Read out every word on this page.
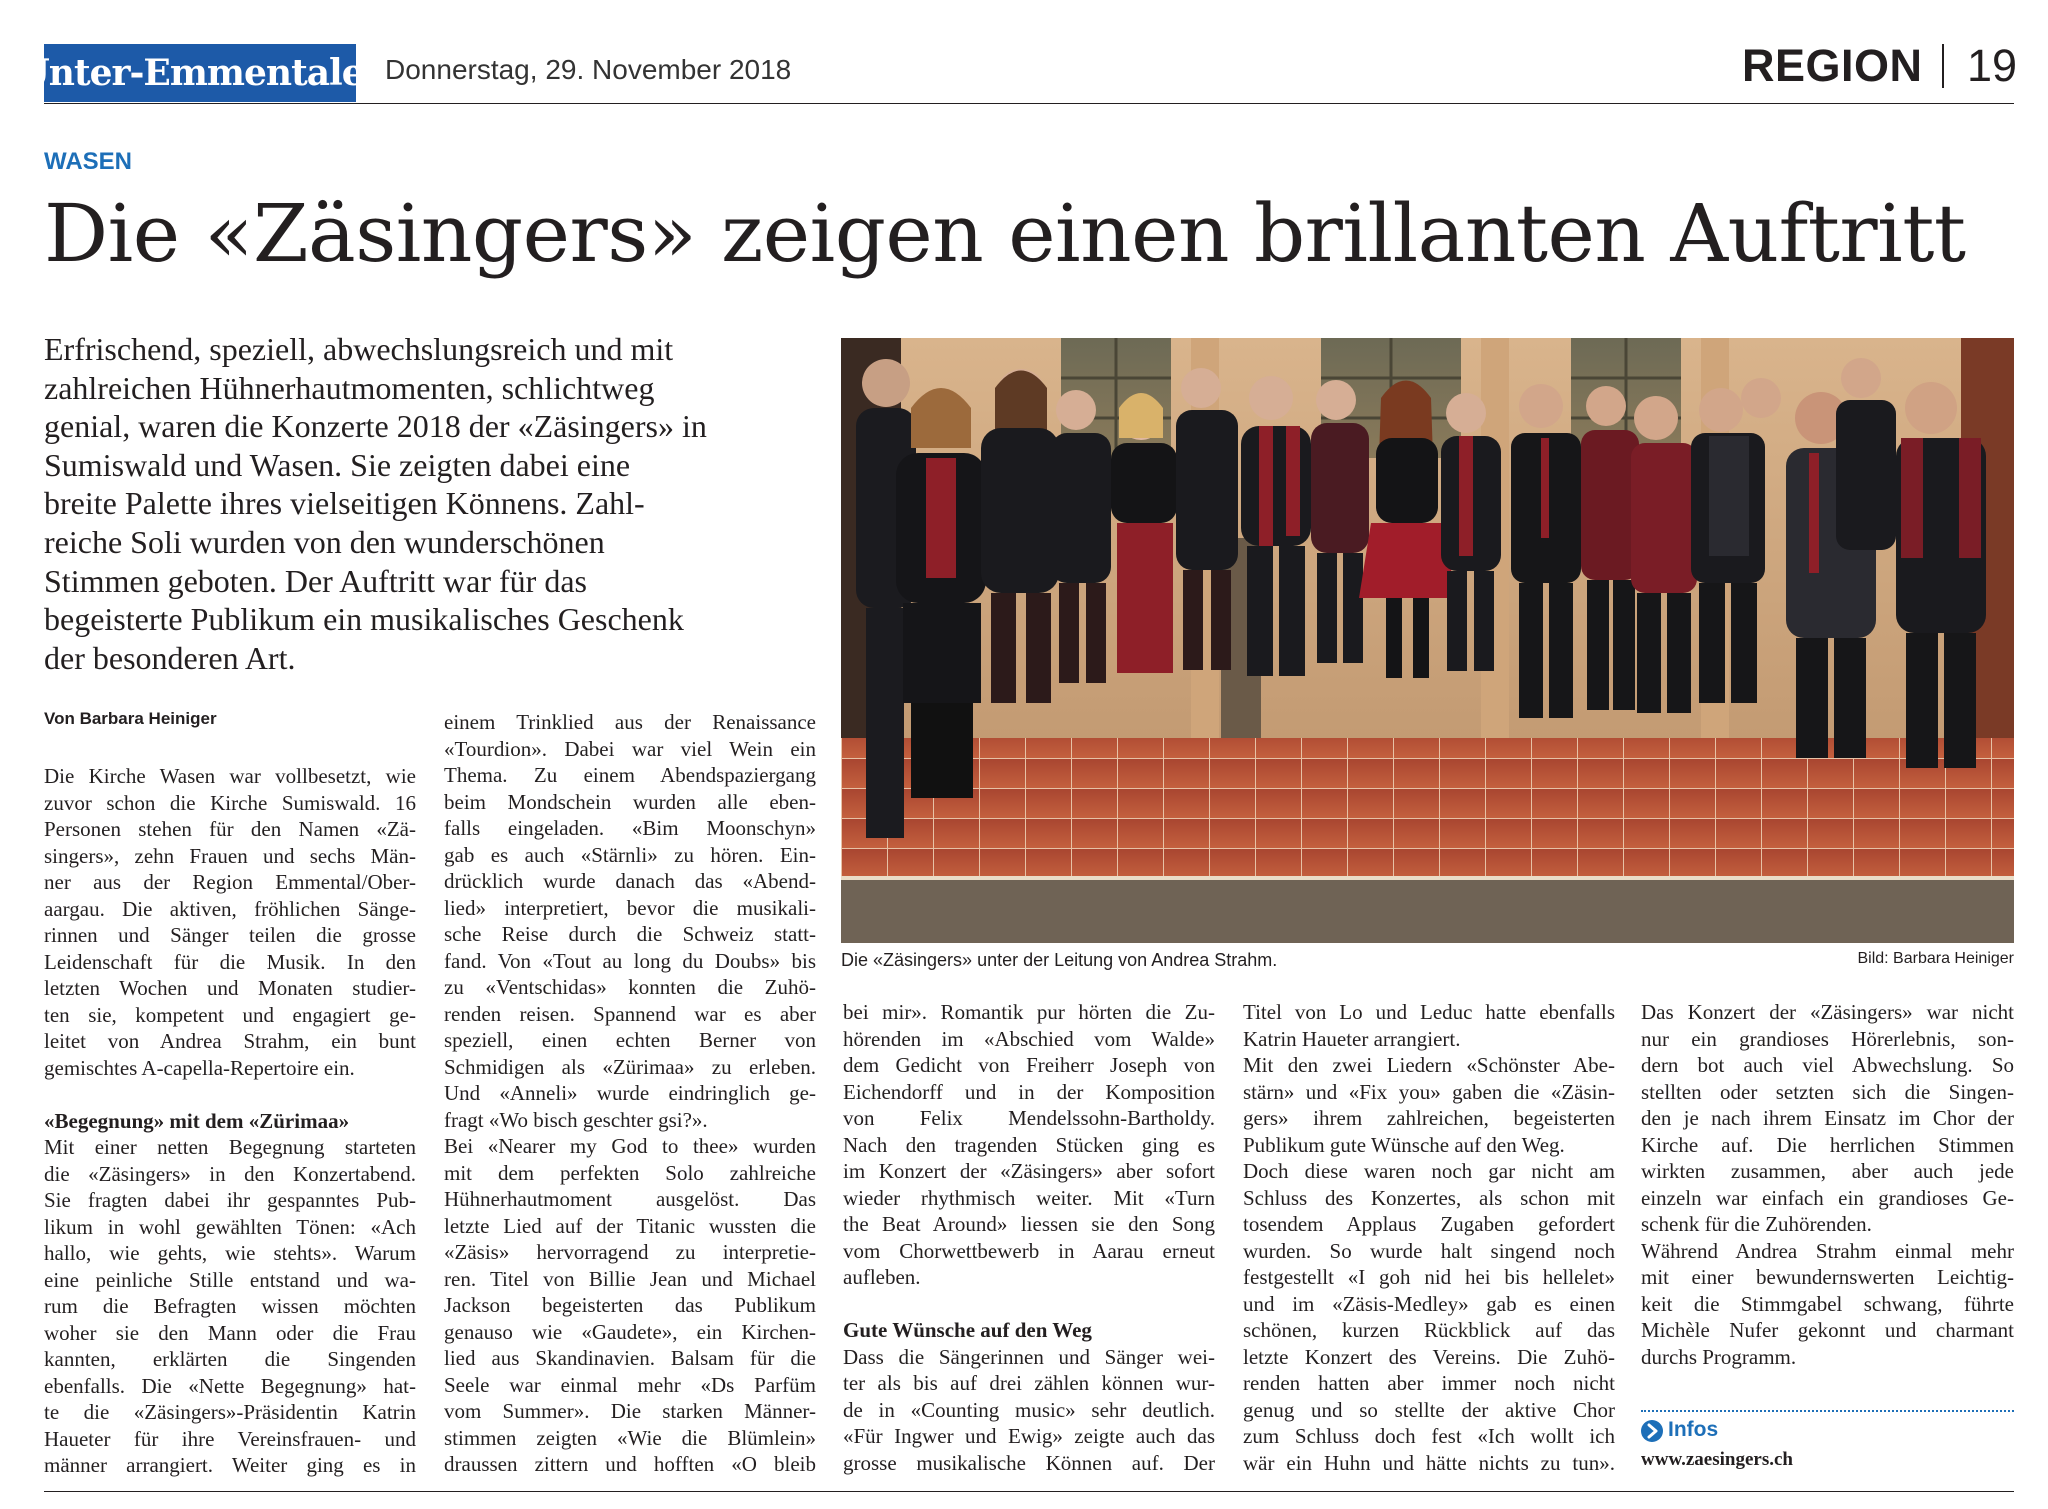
Unter-Emmentaler Donnerstag, 29. November 2018	REGION 19
WASEN
Die «Zäsingers» zeigen einen brillanten Auftritt
Erfrischend, speziell, abwechslungsreich und mit
zahlreichen Hühnerhautmomenten, schlichtweg
genial, waren die Konzerte 2018 der «Zäsingers» in
Sumiswald und Wasen. Sie zeigten dabei eine
breite Palette ihres vielseitigen Könnens. Zahl-
reiche Soli wurden von den wunderschönen
Stimmen geboten. Der Auftritt war für das
begeisterte Publikum ein musikalisches Geschenk
der besonderen Art.
Die «Zäsingers» unter der Leitung von Andrea Strahm.	Bild: Barbara Heiniger
Von Barbara Heiniger
Die Kirche Wasen war vollbesetzt, wie
zuvor schon die Kirche Sumiswald. 16
Personen stehen für den Namen «Zä-
singers», zehn Frauen und sechs Män-
ner aus der Region Emmental/Ober-
aargau. Die aktiven, fröhlichen Sänge-
rinnen und Sänger teilen die grosse
Leidenschaft für die Musik. In den
letzten Wochen und Monaten studier-
ten sie, kompetent und engagiert ge-
leitet von Andrea Strahm, ein bunt
gemischtes A-capella-Repertoire ein.

«Begegnung» mit dem «Zürimaa»
Mit einer netten Begegnung starteten
die «Zäsingers» in den Konzertabend.
Sie fragten dabei ihr gespanntes Pub-
likum in wohl gewählten Tönen: «Ach
hallo, wie gehts, wie stehts». Warum
eine peinliche Stille entstand und wa-
rum die Befragten wissen möchten
woher sie den Mann oder die Frau
kannten, erklärten die Singenden
ebenfalls. Die «Nette Begegnung» hat-
te die «Zäsingers»-Präsidentin Katrin
Haueter für ihre Vereinsfrauen- und
männer arrangiert. Weiter ging es in
einem Trinklied aus der Renaissance
«Tourdion». Dabei war viel Wein ein
Thema. Zu einem Abendspaziergang
beim Mondschein wurden alle eben-
falls eingeladen. «Bim Moonschyn»
gab es auch «Stärnli» zu hören. Ein-
drücklich wurde danach das «Abend-
lied» interpretiert, bevor die musikali-
sche Reise durch die Schweiz statt-
fand. Von «Tout au long du Doubs» bis
zu «Ventschidas» konnten die Zuhö-
renden reisen. Spannend war es aber
speziell, einen echten Berner von
Schmidigen als «Zürimaa» zu erleben.
Und «Anneli» wurde eindringlich ge-
fragt «Wo bisch geschter gsi?».
Bei «Nearer my God to thee» wurden
mit dem perfekten Solo zahlreiche
Hühnerhautmoment ausgelöst. Das
letzte Lied auf der Titanic wussten die
«Zäsis» hervorragend zu interpretie-
ren. Titel von Billie Jean und Michael
Jackson begeisterten das Publikum
genauso wie «Gaudete», ein Kirchen-
lied aus Skandinavien. Balsam für die
Seele war einmal mehr «Ds Parfüm
vom Summer». Die starken Männer-
stimmen zeigten «Wie die Blümlein»
draussen zittern und hofften «O bleib
bei mir». Romantik pur hörten die Zu-
hörenden im «Abschied vom Walde»
dem Gedicht von Freiherr Joseph von
Eichendorff und in der Komposition
von Felix Mendelssohn-Bartholdy.
Nach den tragenden Stücken ging es
im Konzert der «Zäsingers» aber sofort
wieder rhythmisch weiter. Mit «Turn
the Beat Around» liessen sie den Song
vom Chorwettbewerb in Aarau erneut
aufleben.

Gute Wünsche auf den Weg
Dass die Sängerinnen und Sänger wei-
ter als bis auf drei zählen können wur-
de in «Counting music» sehr deutlich.
«Für Ingwer und Ewig» zeigte auch das
grosse musikalische Können auf. Der
Titel von Lo und Leduc hatte ebenfalls
Katrin Haueter arrangiert.
Mit den zwei Liedern «Schönster Abe-
stärn» und «Fix you» gaben die «Zäsin-
gers» ihrem zahlreichen, begeisterten
Publikum gute Wünsche auf den Weg.
Doch diese waren noch gar nicht am
Schluss des Konzertes, als schon mit
tosendem Applaus Zugaben gefordert
wurden. So wurde halt singend noch
festgestellt «I goh nid hei bis hellelet»
und im «Zäsis-Medley» gab es einen
schönen, kurzen Rückblick auf das
letzte Konzert des Vereins. Die Zuhö-
renden hatten aber immer noch nicht
genug und so stellte der aktive Chor
zum Schluss doch fest «Ich wollt ich
wär ein Huhn und hätte nichts zu tun».
Das Konzert der «Zäsingers» war nicht
nur ein grandioses Hörerlebnis, son-
dern bot auch viel Abwechslung. So
stellten oder setzten sich die Singen-
den je nach ihrem Einsatz im Chor der
Kirche auf. Die herrlichen Stimmen
wirkten zusammen, aber auch jede
einzeln war einfach ein grandioses Ge-
schenk für die Zuhörenden.
Während Andrea Strahm einmal mehr
mit einer bewundernswerten Leichtig-
keit die Stimmgabel schwang, führte
Michèle Nufer gekonnt und charmant
durchs Programm.
Infos
www.zaesingers.ch
